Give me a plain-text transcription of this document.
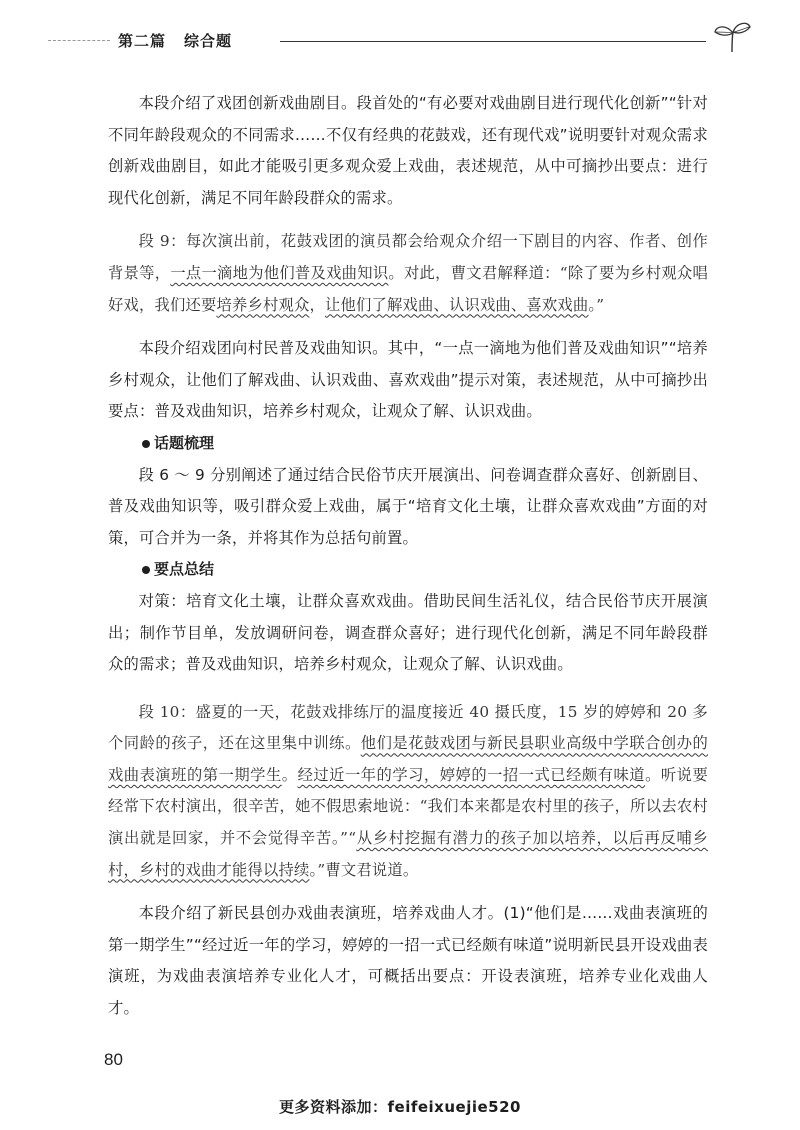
第二篇 综合题

本段介绍了戏团创新戏曲剧目。段首处的“有必要对戏曲剧目进行现代化创新”“针对不同年龄段观众的不同需求……不仅有经典的花鼓戏，还有现代戏”说明要针对观众需求创新戏曲剧目，如此才能吸引更多观众爱上戏曲，表述规范，从中可摘抄出要点：进行现代化创新，满足不同年龄段群众的需求。

段 9：每次演出前，花鼓戏团的演员都会给观众介绍一下剧目的内容、作者、创作背景等，一点一滴地为他们普及戏曲知识。对此，曹文君解释道：“除了要为乡村观众唱好戏，我们还要培养乡村观众，让他们了解戏曲、认识戏曲、喜欢戏曲。”

本段介绍戏团向村民普及戏曲知识。其中，“一点一滴地为他们普及戏曲知识”“培养乡村观众，让他们了解戏曲、认识戏曲、喜欢戏曲”提示对策，表述规范，从中可摘抄出要点：普及戏曲知识，培养乡村观众，让观众了解、认识戏曲。

话题梳理

段 6 ～ 9 分别阐述了通过结合民俗节庆开展演出、问卷调查群众喜好、创新剧目、普及戏曲知识等，吸引群众爱上戏曲，属于“培育文化土壤，让群众喜欢戏曲”方面的对策，可合并为一条，并将其作为总括句前置。

要点总结

对策：培育文化土壤，让群众喜欢戏曲。借助民间生活礼仪，结合民俗节庆开展演出；制作节目单，发放调研问卷，调查群众喜好；进行现代化创新，满足不同年龄段群众的需求；普及戏曲知识，培养乡村观众，让观众了解、认识戏曲。

段 10：盛夏的一天，花鼓戏排练厅的温度接近 40 摄氏度，15 岁的婷婷和 20 多个同龄的孩子，还在这里集中训练。他们是花鼓戏团与新民县职业高级中学联合创办的戏曲表演班的第一期学生。经过近一年的学习，婷婷的一招一式已经颇有味道。听说要经常下农村演出，很辛苦，她不假思索地说：“我们本来都是农村里的孩子，所以去农村演出就是回家，并不会觉得辛苦。”“从乡村挖掘有潜力的孩子加以培养，以后再反哺乡村，乡村的戏曲才能得以持续。”曹文君说道。

本段介绍了新民县创办戏曲表演班，培养戏曲人才。(1)“他们是……戏曲表演班的第一期学生”“经过近一年的学习，婷婷的一招一式已经颇有味道”说明新民县开设戏曲表演班，为戏曲表演培养专业化人才，可概括出要点：开设表演班，培养专业化戏曲人才。

80
更多资料添加：feifeixuejie520
